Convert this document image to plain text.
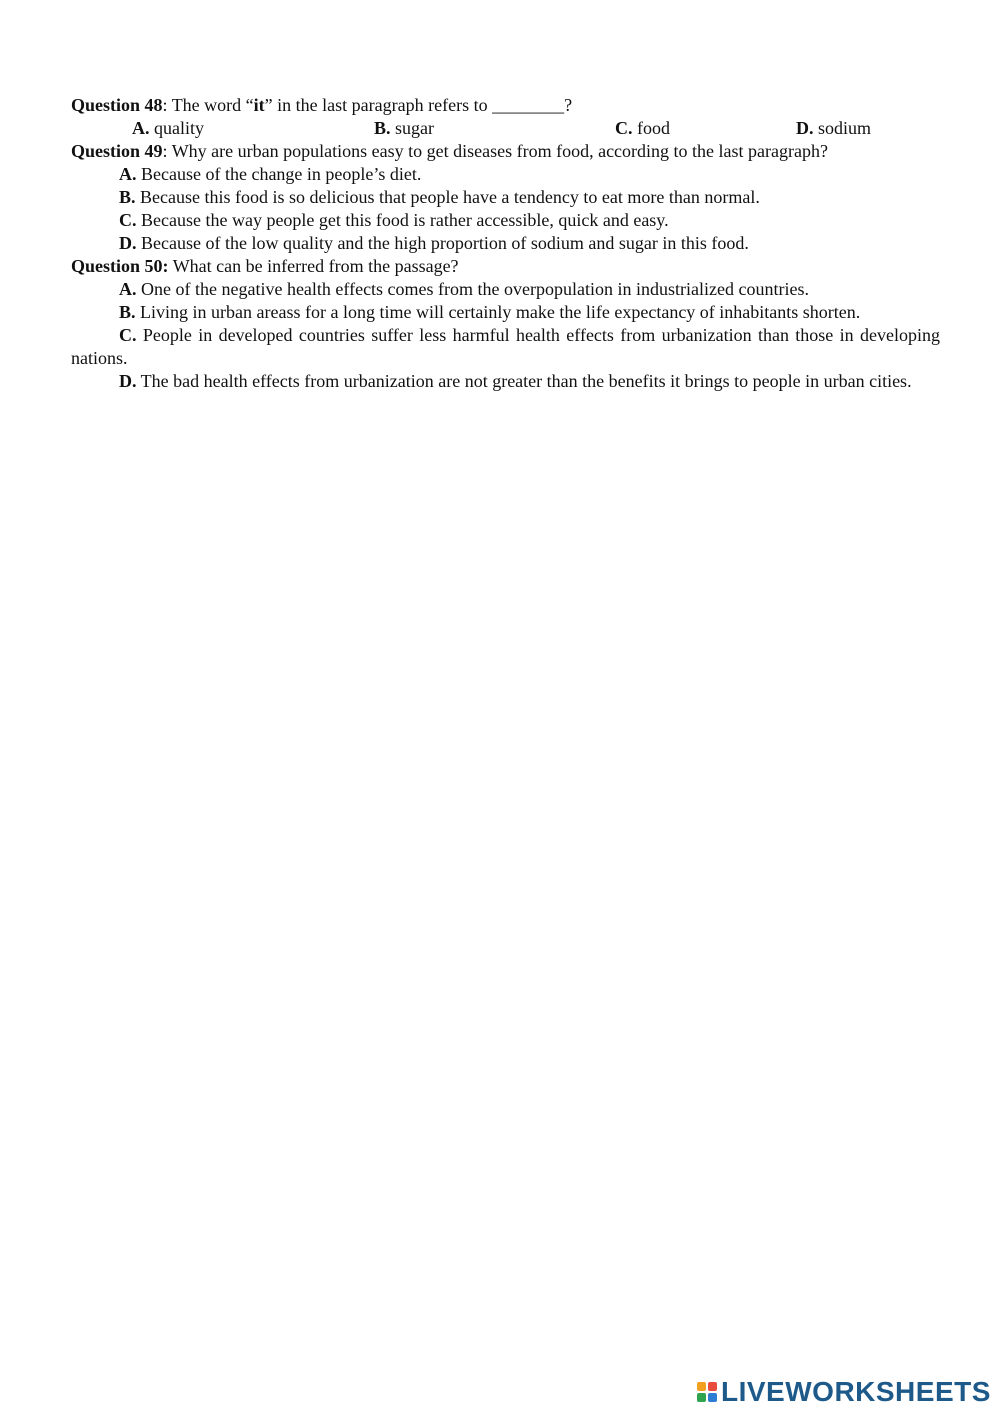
Question 48: The word “it” in the last paragraph refers to ________?
A. quality	B. sugar	C. food	D. sodium
Question 49: Why are urban populations easy to get diseases from food, according to the last paragraph?
A. Because of the change in people’s diet.
B. Because this food is so delicious that people have a tendency to eat more than normal.
C. Because the way people get this food is rather accessible, quick and easy.
D. Because of the low quality and the high proportion of sodium and sugar in this food.
Question 50: What can be inferred from the passage?
A. One of the negative health effects comes from the overpopulation in industrialized countries.
B. Living in urban areass for a long time will certainly make the life expectancy of inhabitants shorten.
C. People in developed countries suffer less harmful health effects from urbanization than those in developing nations.
D. The bad health effects from urbanization are not greater than the benefits it brings to people in urban cities.
LIVEWORKSHEETS
